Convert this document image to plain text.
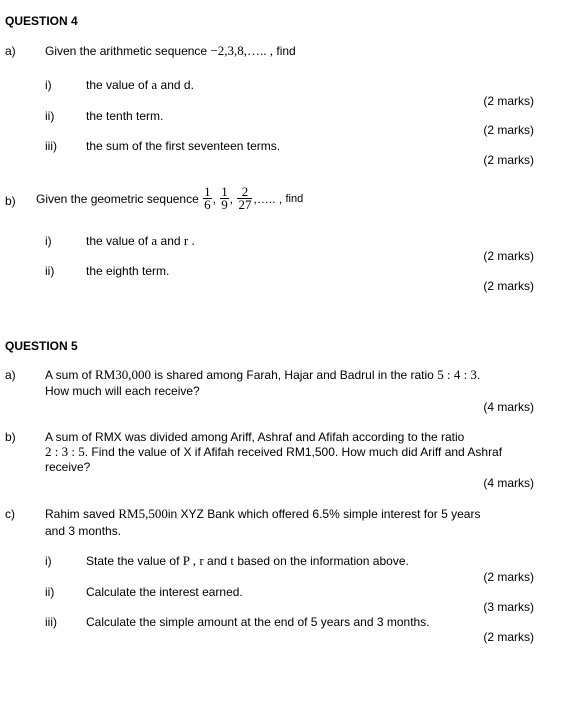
QUESTION 4
a) Given the arithmetic sequence −2,3,8,….. , find
i)	the value of a and d.
(2 marks)
ii)	the tenth term.
(2 marks)
iii) the sum of the first seventeen terms.
(2 marks)
b) Given the geometric sequence $\frac{1}{6}$ , $\frac{1}{9}$ , $\frac{2}{27}$ ,….. , find
i)	the value of a and r .
(2 marks)
ii)	the eighth term.
(2 marks)
QUESTION 5
a) A sum of RM30,000 is shared among Farah, Hajar and Badrul in the ratio 5 : 4 : 3.
How much will each receive?
(4 marks)
b) A sum of RMX was divided among Ariff, Ashraf and Afifah according to the ratio
2 : 3 : 5. Find the value of X if Afifah received RM1,500. How much did Ariff and Ashraf
receive?
(4 marks)
c)	Rahim saved RM5,500in XYZ Bank which offered 6.5% simple interest for 5 years
and 3 months.
i)	State the value of P , r and t based on the information above.
(2 marks)
ii)	Calculate the interest earned.
(3 marks)
iii) Calculate the simple amount at the end of 5 years and 3 months.
(2 marks)
